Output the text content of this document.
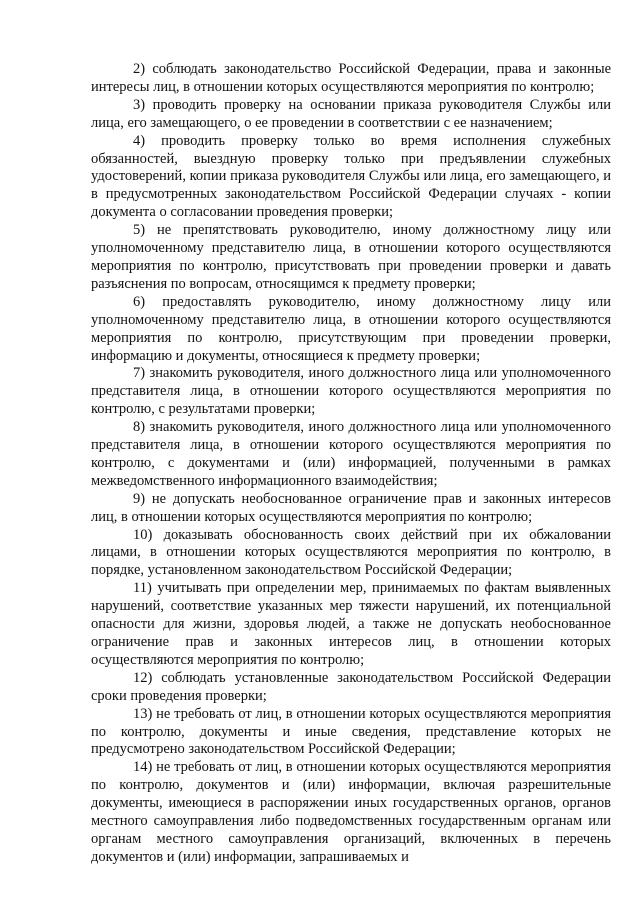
2) соблюдать законодательство Российской Федерации, права и законные интересы лиц, в отношении которых осуществляются мероприятия по контролю;

3) проводить проверку на основании приказа руководителя Службы или лица, его замещающего, о ее проведении в соответствии с ее назначением;

4) проводить проверку только во время исполнения служебных обязанностей, выездную проверку только при предъявлении служебных удостоверений, копии приказа руководителя Службы или лица, его замещающего, и в предусмотренных законодательством Российской Федерации случаях - копии документа о согласовании проведения проверки;

5) не препятствовать руководителю, иному должностному лицу или уполномоченному представителю лица, в отношении которого осуществляются мероприятия по контролю, присутствовать при проведении проверки и давать разъяснения по вопросам, относящимся к предмету проверки;

6) предоставлять руководителю, иному должностному лицу или уполномоченному представителю лица, в отношении которого осуществляются мероприятия по контролю, присутствующим при проведении проверки, информацию и документы, относящиеся к предмету проверки;

7) знакомить руководителя, иного должностного лица или уполномоченного представителя лица, в отношении которого осуществляются мероприятия по контролю, с результатами проверки;

8) знакомить руководителя, иного должностного лица или уполномоченного представителя лица, в отношении которого осуществляются мероприятия по контролю, с документами и (или) информацией, полученными в рамках межведомственного информационного взаимодействия;

9) не допускать необоснованное ограничение прав и законных интересов лиц, в отношении которых осуществляются мероприятия по контролю;

10) доказывать обоснованность своих действий при их обжаловании лицами, в отношении которых осуществляются мероприятия по контролю, в порядке, установленном законодательством Российской Федерации;

11) учитывать при определении мер, принимаемых по фактам выявленных нарушений, соответствие указанных мер тяжести нарушений, их потенциальной опасности для жизни, здоровья людей, а также не допускать необоснованное ограничение прав и законных интересов лиц, в отношении которых осуществляются мероприятия по контролю;

12) соблюдать установленные законодательством Российской Федерации сроки проведения проверки;

13) не требовать от лиц, в отношении которых осуществляются мероприятия по контролю, документы и иные сведения, представление которых не предусмотрено законодательством Российской Федерации;

14) не требовать от лиц, в отношении которых осуществляются мероприятия по контролю, документов и (или) информации, включая разрешительные документы, имеющиеся в распоряжении иных государственных органов, органов местного самоуправления либо подведомственных государственным органам или органам местного самоуправления организаций, включенных в перечень документов и (или) информации, запрашиваемых и
